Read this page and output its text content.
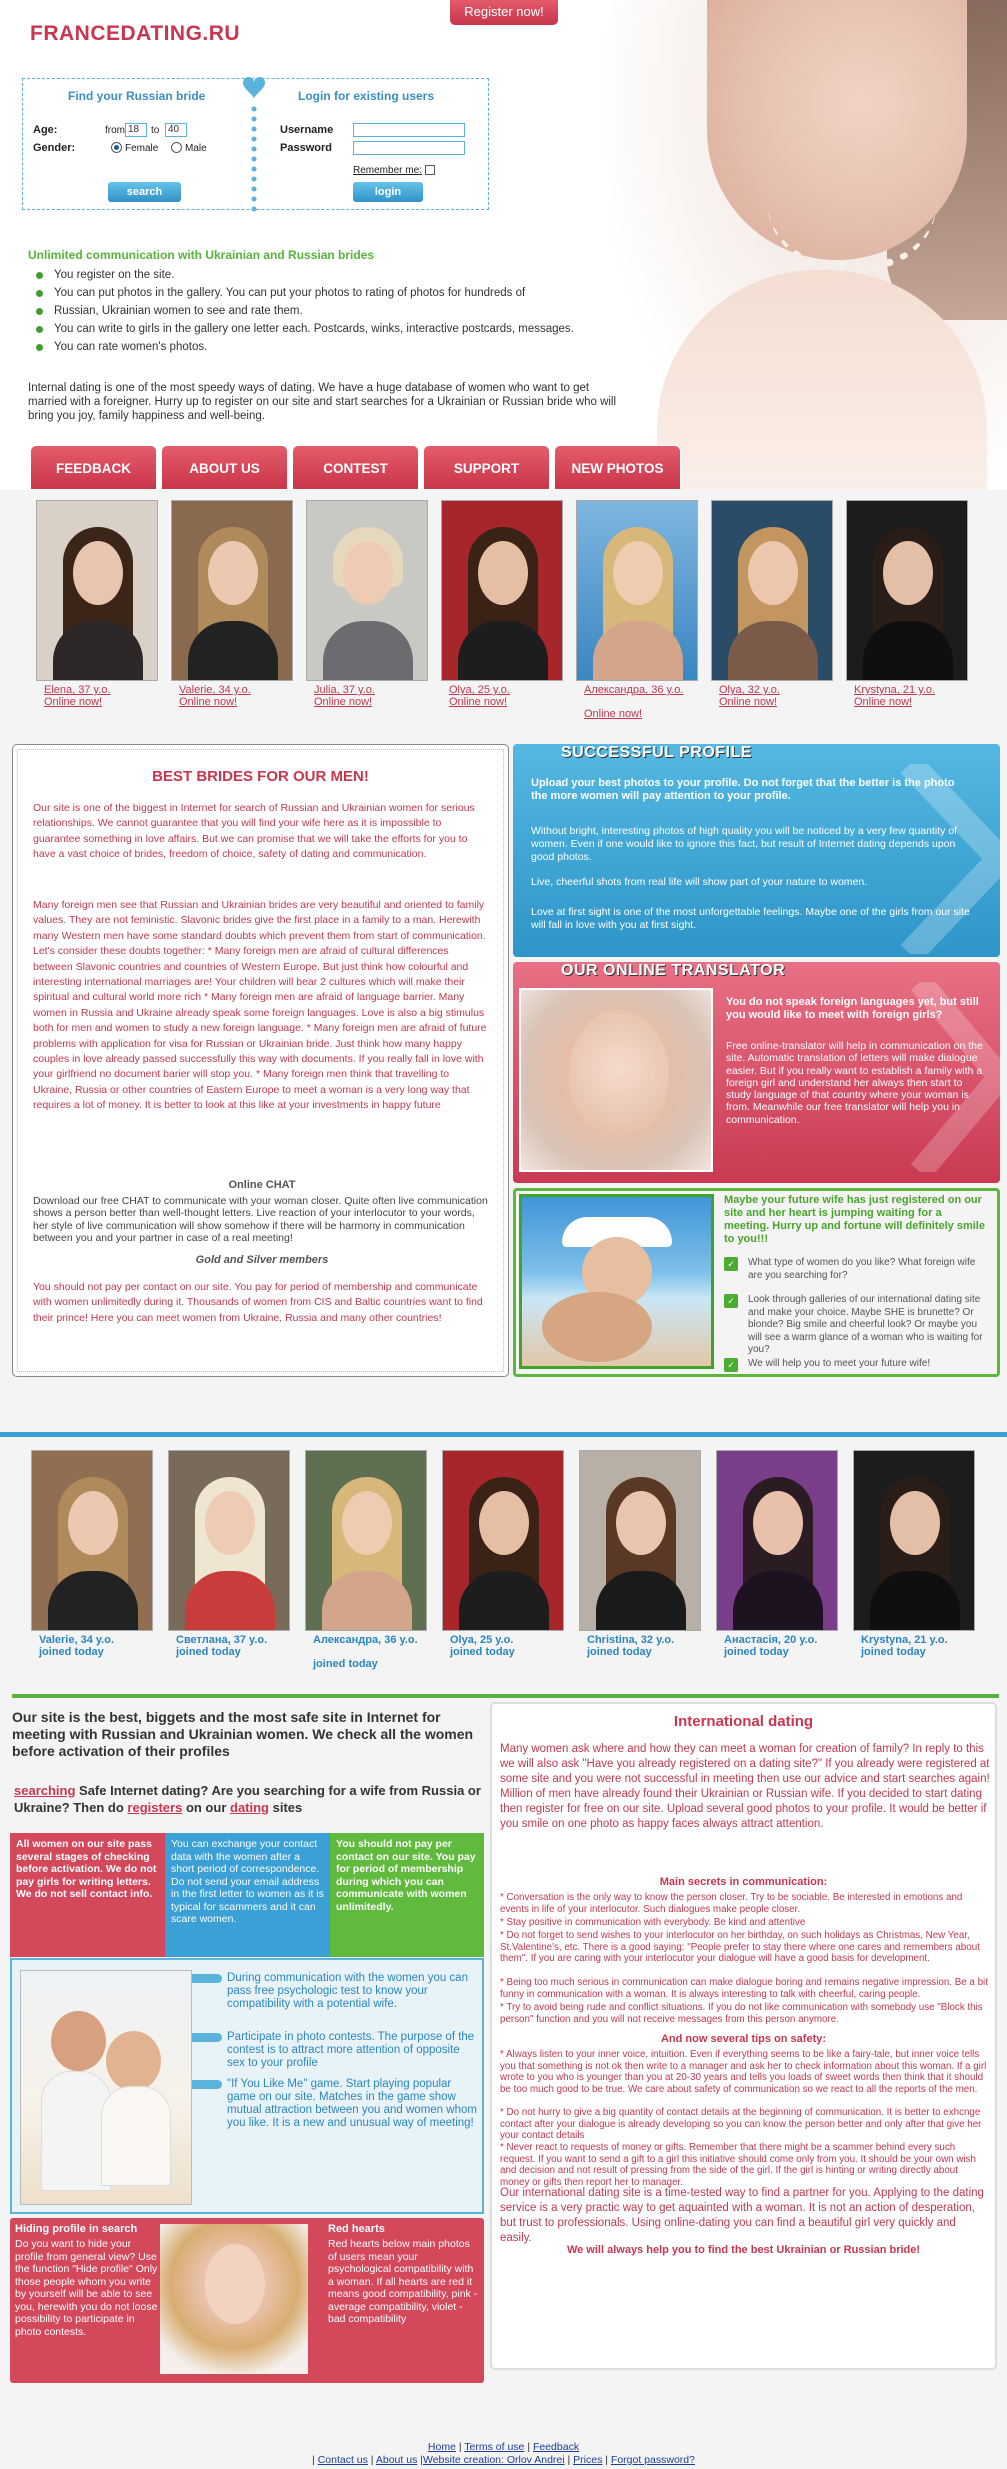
FRANCEDATING.RU
Register now!
Find your Russian bride	Login for existing users
Age:	from 18	to 40
Gender:	Female	Male
search
Username
Password
Remember me:
login
Unlimited communication with Ukrainian and Russian brides
You register on the site.
You can put photos in the gallery. You can put your photos to rating of photos for hundreds of
Russian, Ukrainian women to see and rate them.
You can write to girls in the gallery one letter each. Postcards, winks, interactive postcards, messages.
You can rate women's photos.
Internal dating is one of the most speedy ways of dating. We have a huge database of women who want to get married with a foreigner. Hurry up to register on our site and start searches for a Ukrainian or Russian bride who will bring you joy, family happiness and well-being.
FEEDBACK	ABOUT US	CONTEST	SUPPORT	NEW PHOTOS
Elena, 37 y.o.
Online now!
Valerie, 34 y.o.
Online now!
Julia, 37 y.o.
Online now!
Olya, 25 y.o.
Online now!
Александра, 36 y.o.
Online now!
Olya, 32 y.o.
Online now!
Krystyna, 21 y.o.
Online now!
BEST BRIDES FOR OUR MEN!
Our site is one of the biggest in Internet for search of Russian and Ukrainian women for serious relationships. We cannot guarantee that you will find your wife here as it is impossible to guarantee something in love affairs. But we can promise that we will take the efforts for you to have a vast choice of brides, freedom of choice, safety of dating and communication.
Many foreign men see that Russian and Ukrainian brides are very beautiful and oriented to family values. They are not feministic. Slavonic brides give the first place in a family to a man. Herewith many Western men have some standard doubts which prevent them from start of communication. Let's consider these doubts together: * Many foreign men are afraid of cultural differences between Slavonic countries and countries of Western Europe. But just think how colourful and interesting international marriages are! Your children will bear 2 cultures which will make their spiritual and cultural world more rich * Many foreign men are afraid of language barrier. Many women in Russia and Ukraine already speak some foreign languages. Love is also a big stimulus both for men and women to study a new foreign language. * Many foreign men are afraid of future problems with application for visa for Russian or Ukrainian bride. Just think how many happy couples in love already passed successfully this way with documents. If you really fall in love with your girlfriend no document barier will stop you. * Many foreign men think that travelling to Ukraine, Russia or other countries of Eastern Europe to meet a woman is a very long way that requires a lot of money. It is better to look at this like at your investments in happy future
Online CHAT
Download our free CHAT to communicate with your woman closer. Quite often live communication shows a person better than well-thought letters. Live reaction of your interlocutor to your words, her style of live communication will show somehow if there will be harmony in communication between you and your partner in case of a real meeting!
Gold and Silver members
You should not pay per contact on our site. You pay for period of membership and communicate with women unlimitedly during it. Thousands of women from CIS and Baltic countries want to find their prince! Here you can meet women from Ukraine, Russia and many other countries!
SUCCESSFUL PROFILE
Upload your best photos to your profile. Do not forget that the better is the photo the more women will pay attention to your profile.
Without bright, interesting photos of high quality you will be noticed by a very few quantity of women. Even if one would like to ignore this fact, but result of Internet dating depends upon good photos.
Live, cheerful shots from real life will show part of your nature to women.
Love at first sight is one of the most unforgettable feelings. Maybe one of the girls from our site will fall in love with you at first sight.
OUR ONLINE TRANSLATOR
You do not speak foreign languages yet, but still you would like to meet with foreign girls?
Free online-translator will help in communication on the site. Automatic translation of letters will make dialogue easier. But if you really want to establish a family with a foreign girl and understand her always then start to study language of that country where your woman is from. Meanwhile our free translator will help you in communication.
Maybe your future wife has just registered on our site and her heart is jumping waiting for a meeting. Hurry up and fortune will definitely smile to you!!!
✓	What type of women do you like? What foreign wife are you searching for?
✓	Look through galleries of our international dating site and make your choice. Maybe SHE is brunette? Or blonde? Big smile and cheerful look? Or maybe you will see a warm glance of a woman who is waiting for you?
✓	We will help you to meet your future wife!
Valerie, 34 y.o.
joined today
Светлана, 37 y.o.
joined today
Александра, 36 y.o.
joined today
Olya, 25 y.o.
joined today
Christina, 32 y.o.
joined today
Анастасія, 20 y.o.
joined today
Krystyna, 21 y.o.
joined today
Our site is the best, biggets and the most safe site in Internet for meeting with Russian and Ukrainian women. We check all the women before activation of their profiles
searching Safe Internet dating? Are you searching for a wife from Russia or Ukraine? Then do registers on our dating sites
All women on our site pass several stages of checking before activation. We do not pay girls for writing letters. We do not sell contact info.
You can exchange your contact data with the women after a short period of correspondence. Do not send your email address in the first letter to women as it is typical for scammers and it can scare women.
You should not pay per contact on our site. You pay for period of membership during which you can communicate with women unlimitedly.
During communication with the women you can pass free psychologic test to know your compatibility with a potential wife.
Participate in photo contests. The purpose of the contest is to attract more attention of opposite sex to your profile
"If You Like Me" game. Start playing popular game on our site. Matches in the game show mutual attraction between you and women whom you like. It is a new and unusual way of meeting!
Hiding profile in search
Do you want to hide your profile from general view? Use the function "Hide profile" Only those people whom you write by yourself will be able to see you, herewith you do not loose possibility to participate in photo contests.
Red hearts
Red hearts below main photos of users mean your psychological compatibility with a woman. If all hearts are red it means good compatibility, pink - average compatibility, violet - bad compatibility
International dating
Many women ask where and how they can meet a woman for creation of family? In reply to this we will also ask "Have you already registered on a dating site?" If you already were registered at some site and you were not successful in meeting then use our advice and start searches again! Million of men have already found their Ukrainian or Russian wife. If you decided to start dating then register for free on our site. Upload several good photos to your profile. It would be better if you smile on one photo as happy faces always attract attention.
Main secrets in communication:
* Conversation is the only way to know the person closer. Try to be sociable. Be interested in emotions and events in life of your interlocutor. Such dialogues make people closer.
* Stay positive in communication with everybody. Be kind and attentive
* Do not forget to send wishes to your interlocutor on her birthday, on such holidays as Christmas, New Year, St.Valentine's, etc. There is a good saying: "People prefer to stay there where one cares and remembers about them". If you are caring with your interlocutor your dialogue will have a good basis for development.
* Being too much serious in communication can make dialogue boring and remains negative impression. Be a bit funny in communication with a woman. It is always interesting to talk with cheerful, caring people.
* Try to avoid being rude and conflict situations. If you do not like communication with somebody use "Block this person" function and you will not receive messages from this person anymore.
And now several tips on safety:
* Always listen to your inner voice, intuition. Even if everything seems to be like a fairy-tale, but inner voice tells you that something is not ok then write to a manager and ask her to check information about this woman. If a girl wrote to you who is younger than you at 20-30 years and tells you loads of sweet words then think that it should be too much good to be true. We care about safety of communication so we react to all the reports of the men.
* Do not hurry to give a big quantity of contact details at the beginning of communication. It is better to exhcnge contact after your dialogue is already developing so you can know the person better and only after that give her your contact details
* Never react to requests of money or gifts. Remember that there might be a scammer behind every such request. If you want to send a gift to a girl this initiative should come only from you. It should be your own wish and decision and not result of pressing from the side of the girl. If the girl is hinting or writing directly about money or gifts then report her to manager.
Our international dating site is a time-tested way to find a partner for you. Applying to the dating service is a very practic way to get aquainted with a woman. It is not an action of desperation, but trust to professionals. Using online-dating you can find a beautiful girl very quickly and easily.
We will always help you to find the best Ukrainian or Russian bride!
Home | Terms of use | Feedback
| Contact us | About us |Website creation: Orlov Andrei | Prices | Forgot password?
